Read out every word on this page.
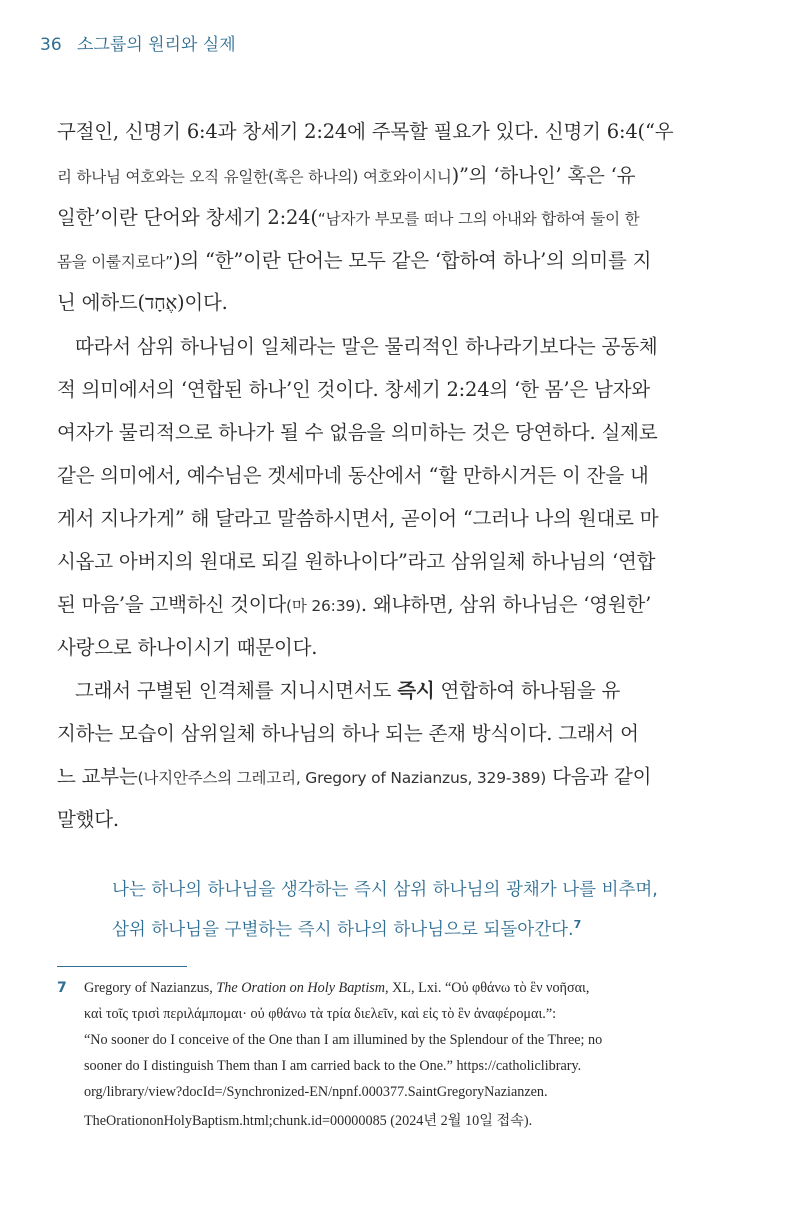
36 소그룹의 원리와 실제
구절인, 신명기 6:4과 창세기 2:24에 주목할 필요가 있다. 신명기 6:4(“우
리 하나님 여호와는 오직 유일한(혹은 하나의) 여호와이시니)”의 ‘하나인’ 혹은 ‘유
일한’이란 단어와 창세기 2:24(“남자가 부모를 떠나 그의 아내와 합하여 둘이 한
몸을 이룰지로다”)의 “한”이란 단어는 모두 같은 ‘합하여 하나’의 의미를 지
닌 에하드(אֶחָד)이다.
따라서 삼위 하나님이 일체라는 말은 물리적인 하나라기보다는 공동체
적 의미에서의 ‘연합된 하나’인 것이다. 창세기 2:24의 ‘한 몸’은 남자와
여자가 물리적으로 하나가 될 수 없음을 의미하는 것은 당연하다. 실제로
같은 의미에서, 예수님은 겟세마네 동산에서 “할 만하시거든 이 잔을 내
게서 지나가게” 해 달라고 말씀하시면서, 곧이어 “그러나 나의 원대로 마
시옵고 아버지의 원대로 되길 원하나이다”라고 삼위일체 하나님의 ‘연합
된 마음’을 고백하신 것이다(마 26:39). 왜냐하면, 삼위 하나님은 ‘영원한’
사랑으로 하나이시기 때문이다.
그래서 구별된 인격체를 지니시면서도 즉시 연합하여 하나됨을 유
지하는 모습이 삼위일체 하나님의 하나 되는 존재 방식이다. 그래서 어
느 교부는(나지안주스의 그레고리, Gregory of Nazianzus, 329-389) 다음과 같이
말했다.
나는 하나의 하나님을 생각하는 즉시 삼위 하나님의 광채가 나를 비추며,
삼위 하나님을 구별하는 즉시 하나의 하나님으로 되돌아간다.$^7$
7 Gregory of Nazianzus, The Oration on Holy Baptism, XL, Lxi. “Οὐ φθάνω τὸ ἓν νοῆσαι,
καὶ τοῖς τρισὶ περιλάμπομαι· οὐ φθάνω τὰ τρία διελεῖν, καὶ εἰς τὸ ἓν ἀναφέρομαι.”:
“No sooner do I conceive of the One than I am illumined by the Splendour of the Three; no
sooner do I distinguish Them than I am carried back to the One.” https://catholiclibrary.
org/library/view?docId=/Synchronized-EN/npnf.000377.SaintGregoryNazianzen.
TheOrationonHolyBaptism.html;chunk.id=00000085 (2024년 2월 10일 접속).
